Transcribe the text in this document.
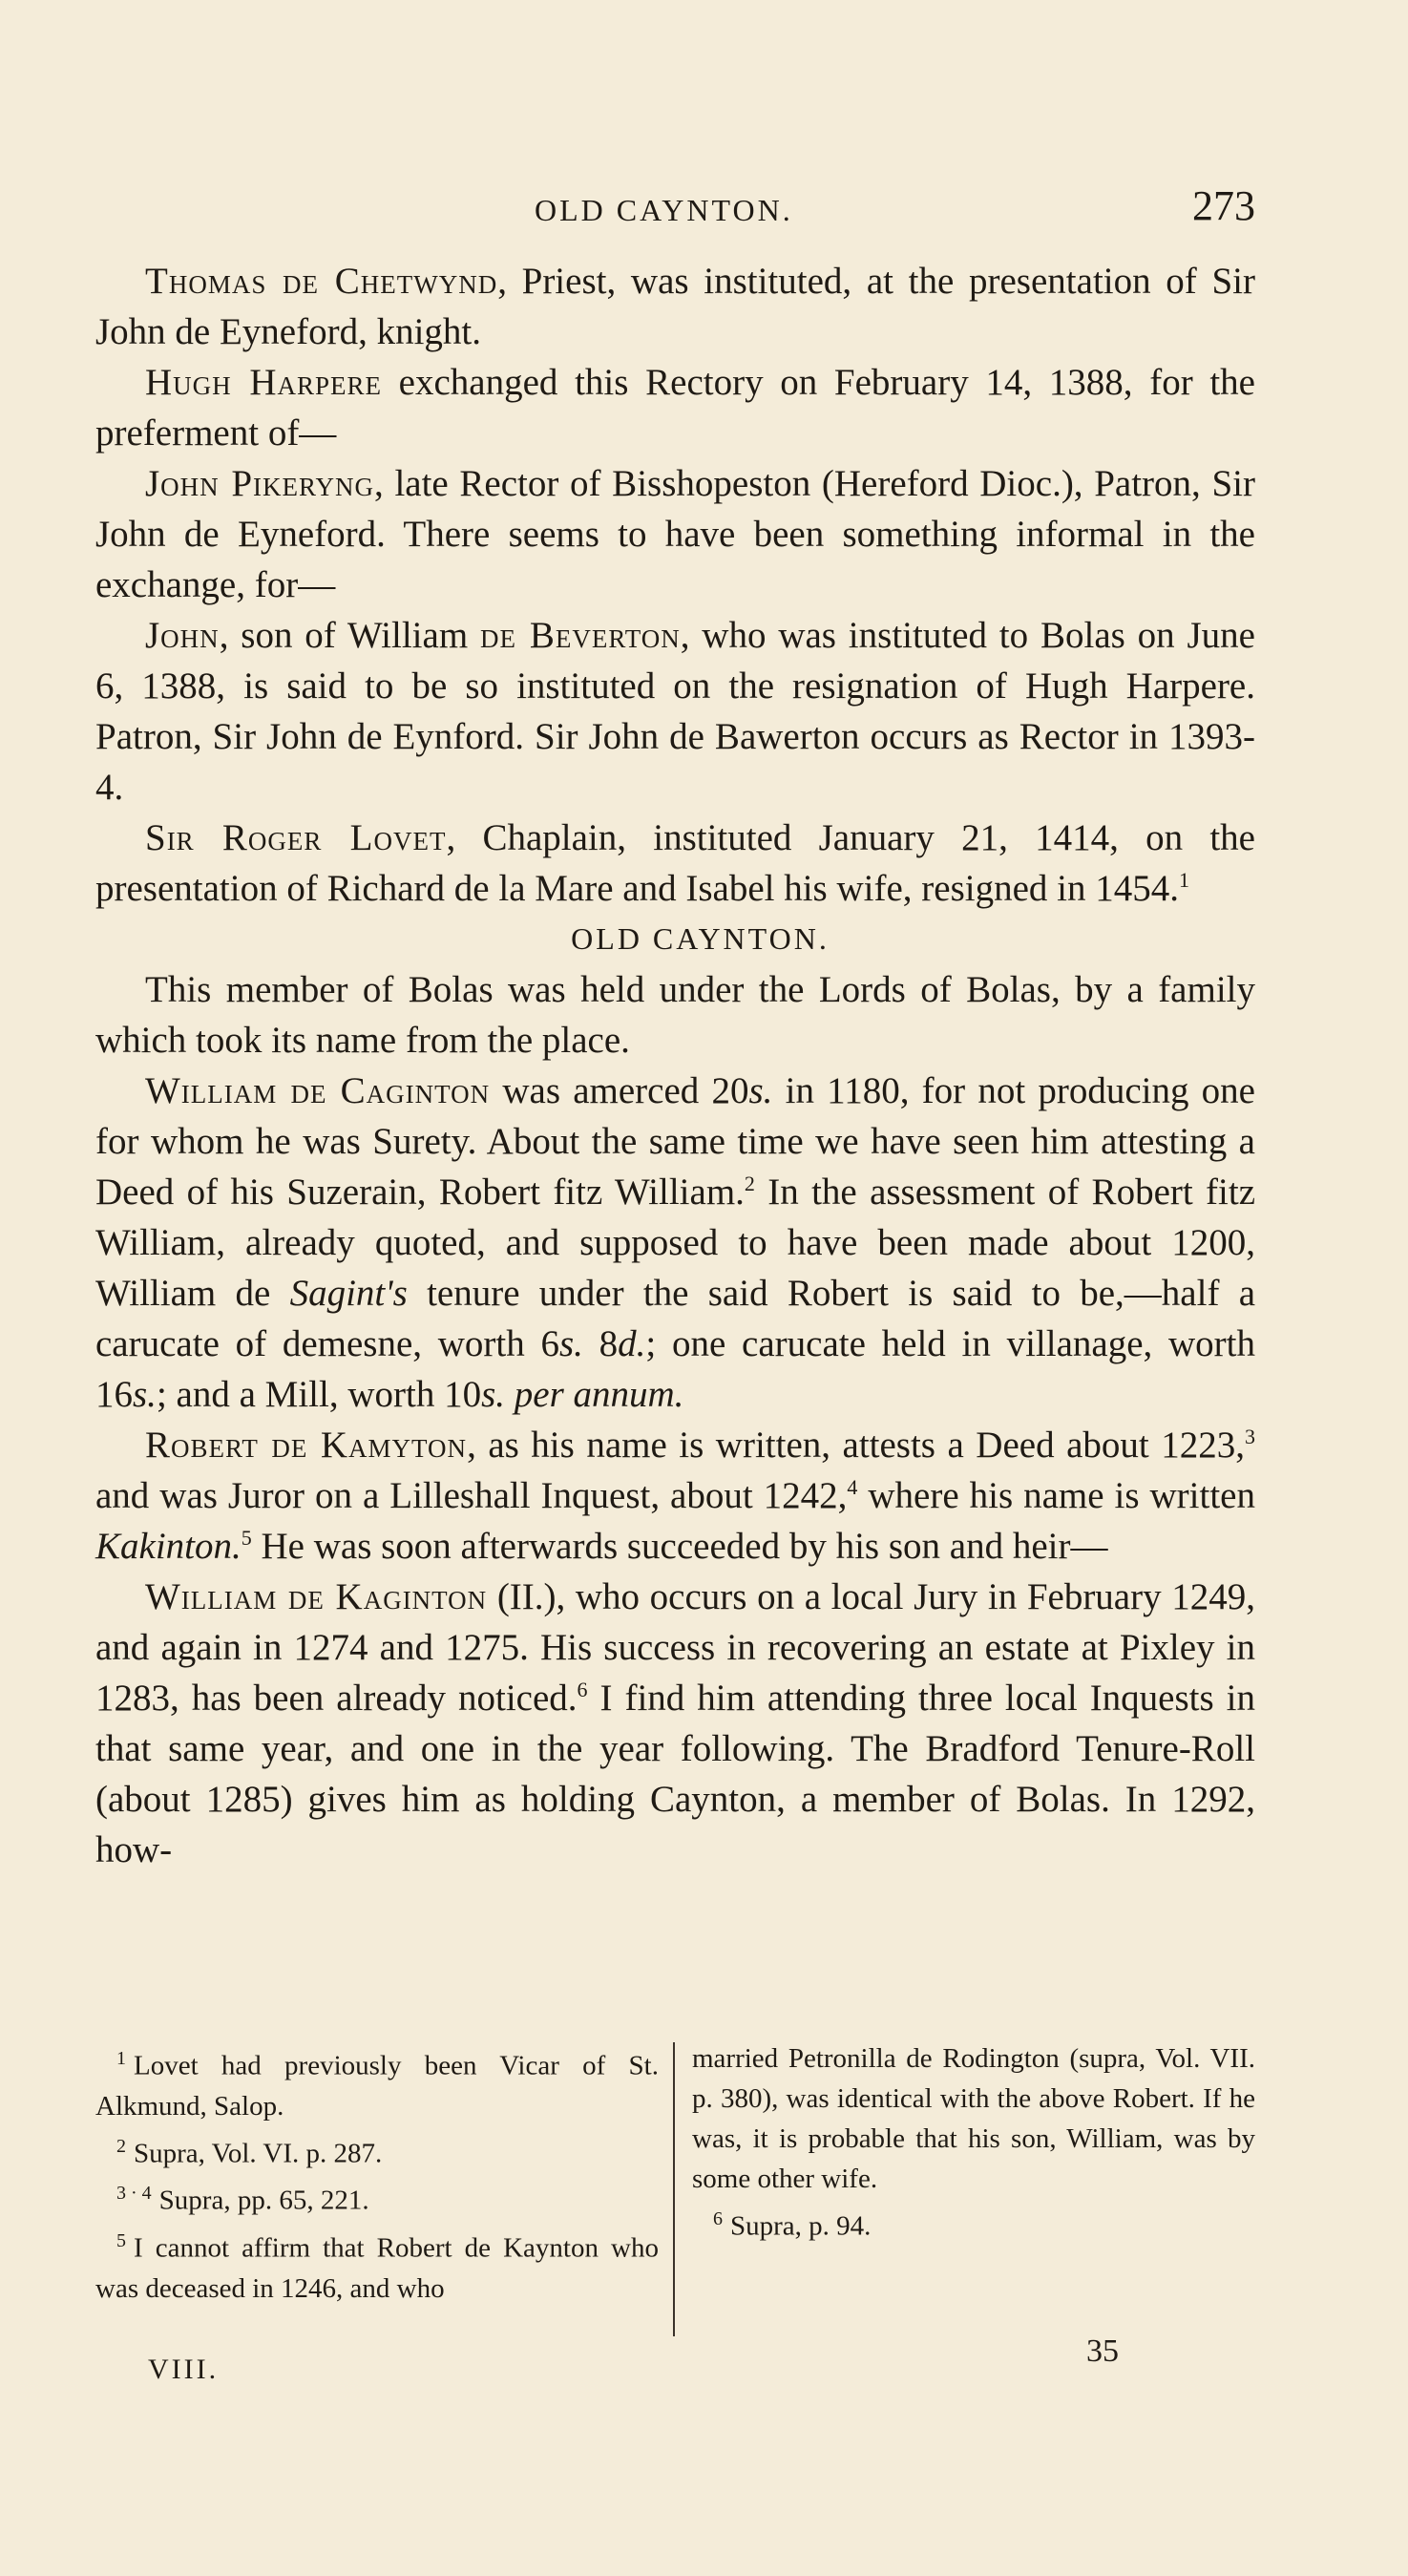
OLD CAYNTON.	273

Thomas de Chetwynd, Priest, was instituted, at the presentation of Sir John de Eyneford, knight.

Hugh Harpere exchanged this Rectory on February 14, 1388, for the preferment of—

John Pikeryng, late Rector of Bisshopeston (Hereford Dioc.), Patron, Sir John de Eyneford. There seems to have been something informal in the exchange, for—

John, son of William de Beverton, who was instituted to Bolas on June 6, 1388, is said to be so instituted on the resignation of Hugh Harpere. Patron, Sir John de Eynford. Sir John de Bawerton occurs as Rector in 1393-4.

Sir Roger Lovet, Chaplain, instituted January 21, 1414, on the presentation of Richard de la Mare and Isabel his wife, resigned in 1454.$^1$

OLD CAYNTON.

This member of Bolas was held under the Lords of Bolas, by a family which took its name from the place.

William de Caginton was amerced 20s. in 1180, for not producing one for whom he was Surety. About the same time we have seen him attesting a Deed of his Suzerain, Robert fitz William.$^2$ In the assessment of Robert fitz William, already quoted, and supposed to have been made about 1200, William de Sagint's tenure under the said Robert is said to be,—half a carucate of demesne, worth 6s. 8d.; one carucate held in villanage, worth 16s.; and a Mill, worth 10s. per annum.

Robert de Kamyton, as his name is written, attests a Deed about 1223,$^3$ and was Juror on a Lilleshall Inquest, about 1242,$^4$ where his name is written Kakinton.$^5$ He was soon afterwards succeeded by his son and heir—

William de Kaginton (II.), who occurs on a local Jury in February 1249, and again in 1274 and 1275. His success in recovering an estate at Pixley in 1283, has been already noticed.$^6$ I find him attending three local Inquests in that same year, and one in the year following. The Bradford Tenure-Roll (about 1285) gives him as holding Caynton, a member of Bolas. In 1292, how-

$^1$ Lovet had previously been Vicar of St. Alkmund, Salop.

$^2$ Supra, Vol. VI. p. 287.

$^{3 \cdot 4}$ Supra, pp. 65, 221.

$^5$ I cannot affirm that Robert de Kaynton who was deceased in 1246, and who

married Petronilla de Rodington (supra, Vol. VII. p. 380), was identical with the above Robert. If he was, it is probable that his son, William, was by some other wife.

$^6$ Supra, p. 94.

VIII.
35
